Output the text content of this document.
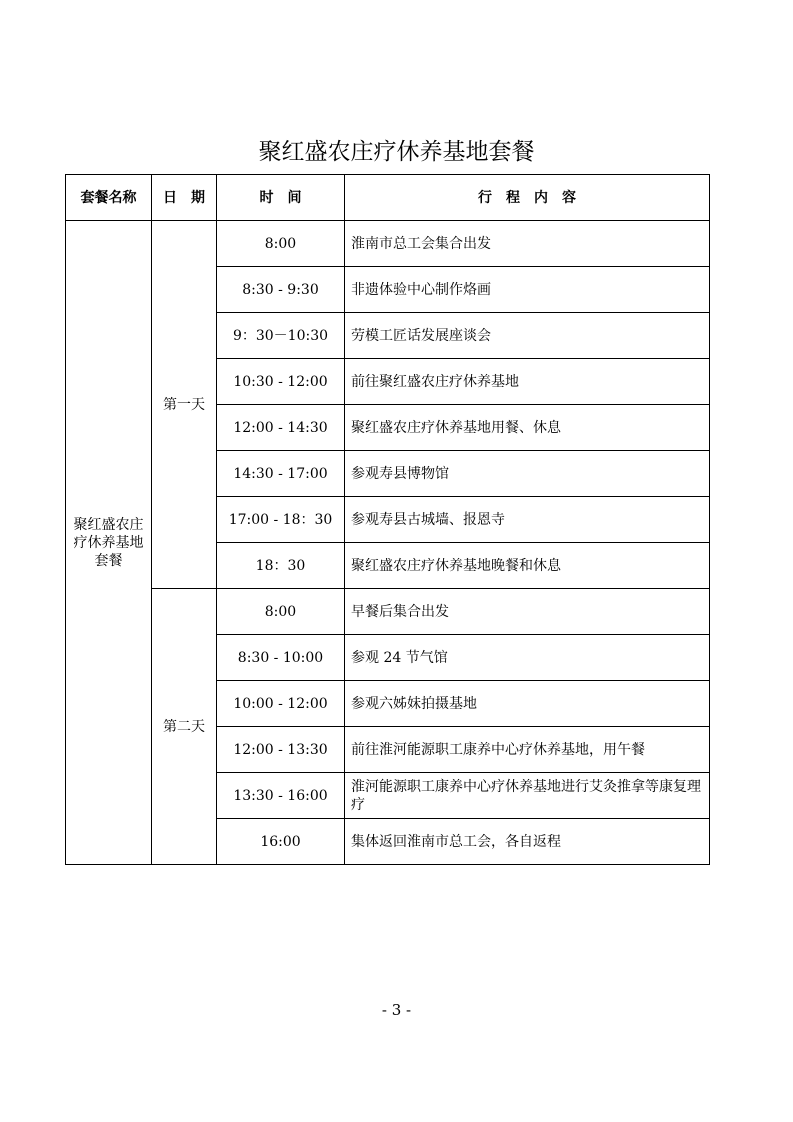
聚红盛农庄疗休养基地套餐
套餐名称	日　期	时　间	行　程　内　容
聚红盛农庄疗休养基地套餐	第一天	8:00	淮南市总工会集合出发
		8:30 - 9:30	非遗体验中心制作烙画
		9：30－10:30	劳模工匠话发展座谈会
		10:30 - 12:00	前往聚红盛农庄疗休养基地
		12:00 - 14:30	聚红盛农庄疗休养基地用餐、休息
		14:30 - 17:00	参观寿县博物馆
		17:00 - 18：30	参观寿县古城墙、报恩寺
		18：30	聚红盛农庄疗休养基地晚餐和休息
	第二天	8:00	早餐后集合出发
		8:30 - 10:00	参观 24 节气馆
		10:00 - 12:00	参观六姊妹拍摄基地
		12:00 - 13:30	前往淮河能源职工康养中心疗休养基地，用午餐
		13:30 - 16:00	淮河能源职工康养中心疗休养基地进行艾灸推拿等康复理疗
		16:00	集体返回淮南市总工会，各自返程
- 3 -
